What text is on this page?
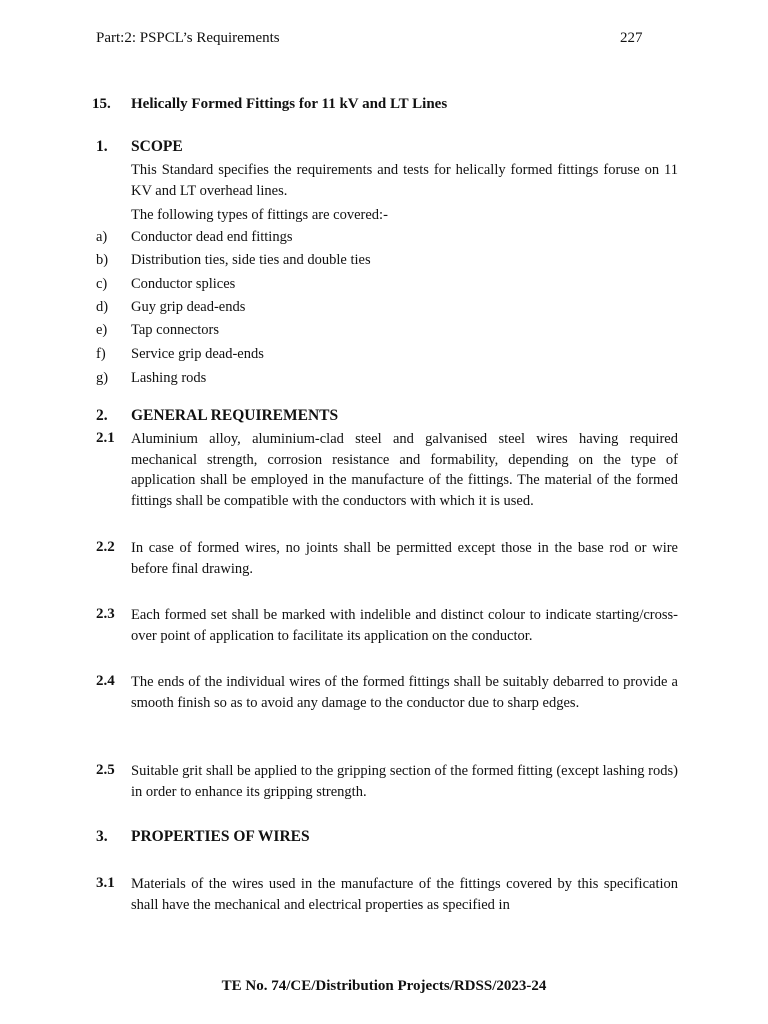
Part:2: PSPCL’s Requirements	227
15. Helically Formed Fittings for 11 kV and LT Lines
1. SCOPE
This Standard specifies the requirements and tests for helically formed fittings foruse on 11 KV and LT overhead lines.
The following types of fittings are covered:-
a) Conductor dead end fittings
b) Distribution ties, side ties and double ties
c) Conductor splices
d) Guy grip dead-ends
e) Tap connectors
f) Service grip dead-ends
g) Lashing rods
2. GENERAL REQUIREMENTS
2.1 Aluminium alloy, aluminium-clad steel and galvanised steel wires having required mechanical strength, corrosion resistance and formability, depending on the type of application shall be employed in the manufacture of the fittings. The material of the formed fittings shall be compatible with the conductors with which it is used.
2.2 In case of formed wires, no joints shall be permitted except those in the base rod or wire before final drawing.
2.3 Each formed set shall be marked with indelible and distinct colour to indicate starting/cross-over point of application to facilitate its application on the conductor.
2.4 The ends of the individual wires of the formed fittings shall be suitably debarred to provide a smooth finish so as to avoid any damage to the conductor due to sharp edges.
2.5 Suitable grit shall be applied to the gripping section of the formed fitting (except lashing rods) in order to enhance its gripping strength.
3. PROPERTIES OF WIRES
3.1 Materials of the wires used in the manufacture of the fittings covered by this specification shall have the mechanical and electrical properties as specified in
TE No. 74/CE/Distribution Projects/RDSS/2023-24
